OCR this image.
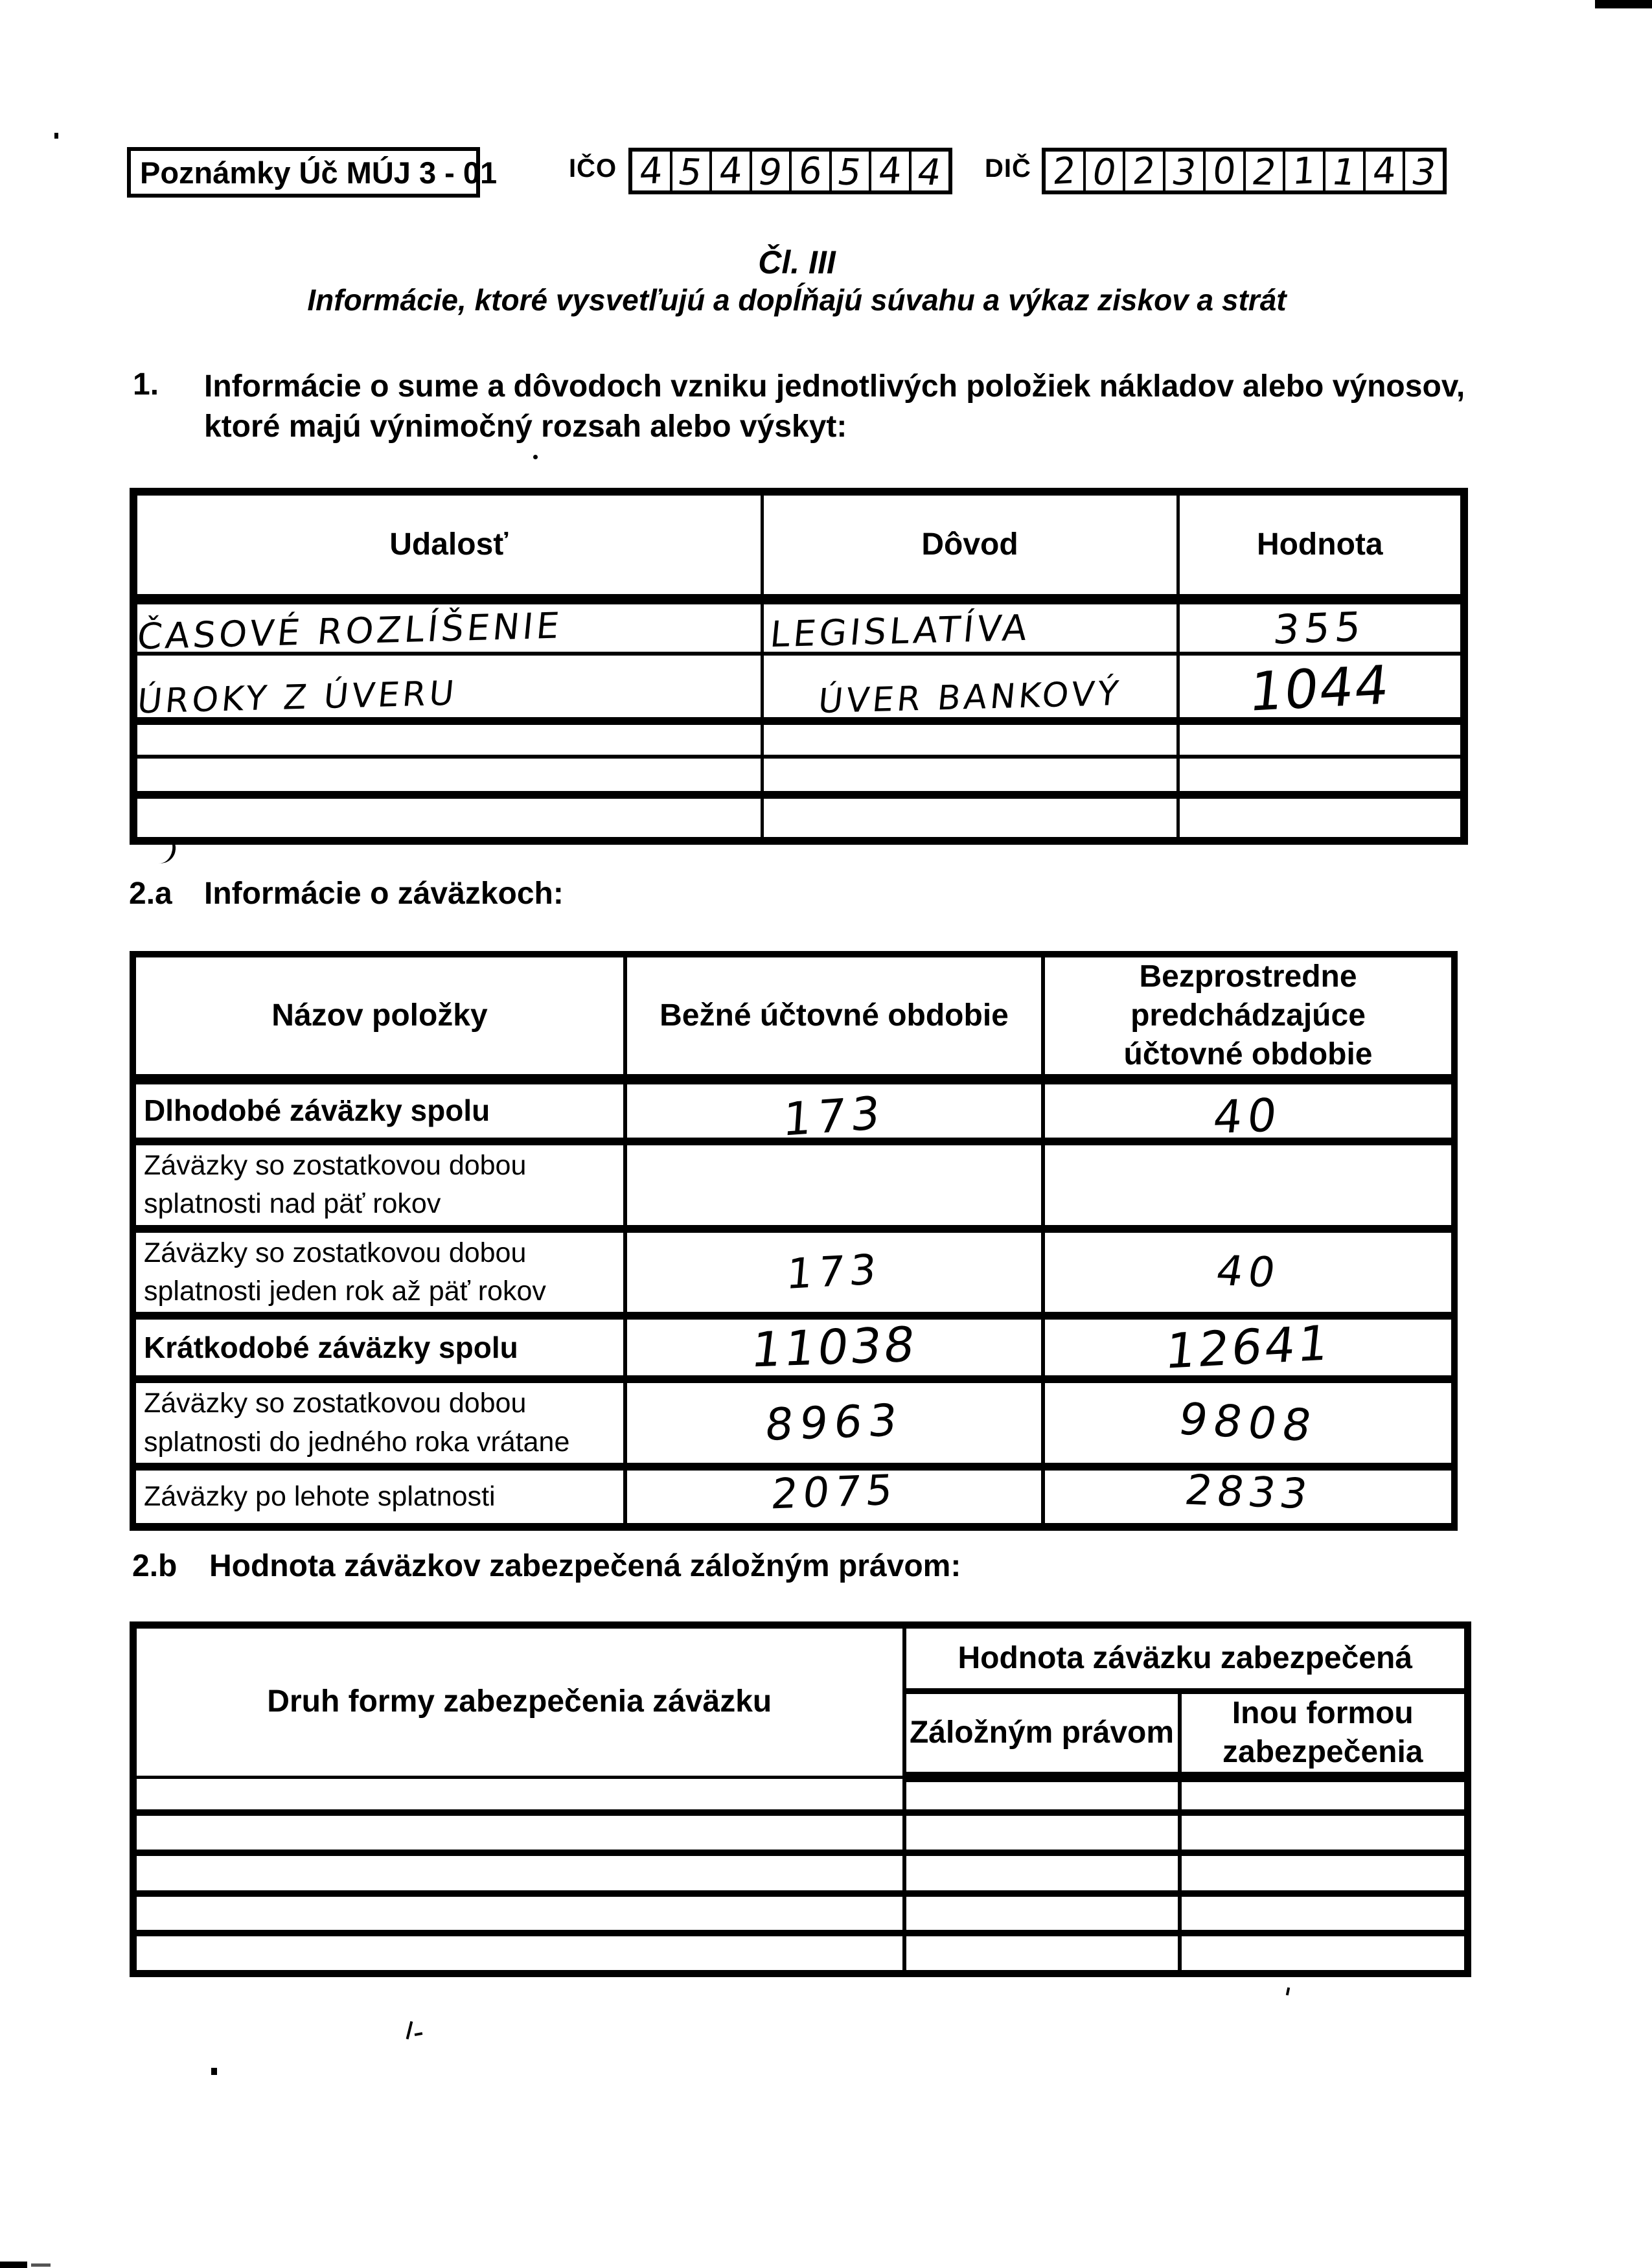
Poznámky Úč MÚJ 3 - 01	IČO 4 5 4 9 6 5 4 4 DIČ 2 0 2 3 0 2 1 1 4 3
Čl. III
Informácie, ktoré vysvetľujú a dopĺňajú súvahu a výkaz ziskov a strát
1. Informácie o sume a dôvodoch vzniku jednotlivých položiek nákladov alebo výnosov,
ktoré majú výnimočný rozsah alebo výskyt:
Udalosť	Dôvod	Hodnota
ČASOVÉ ROZLÍŠENIE	LEGISLATÍVA	355
ÚROKY Z ÚVERU	ÚVER BANKOVÝ	1044

2.a Informácie o záväzkoch:
Názov položky	Bežné účtovné obdobie	Bezprostredne predchádzajúce účtovné obdobie
Dlhodobé záväzky spolu	173	40
Záväzky so zostatkovou dobou splatnosti nad päť rokov		
Záväzky so zostatkovou dobou splatnosti jeden rok až päť rokov	173	40
Krátkodobé záväzky spolu	11038	12641
Záväzky so zostatkovou dobou splatnosti do jedného roka vrátane	8963	9808
Záväzky po lehote splatnosti	2075	2833
2.b Hodnota záväzkov zabezpečená záložným právom:
Druh formy zabezpečenia záväzku	Hodnota záväzku zabezpečená	
	Záložným právom	Inou formou zabezpečenia
